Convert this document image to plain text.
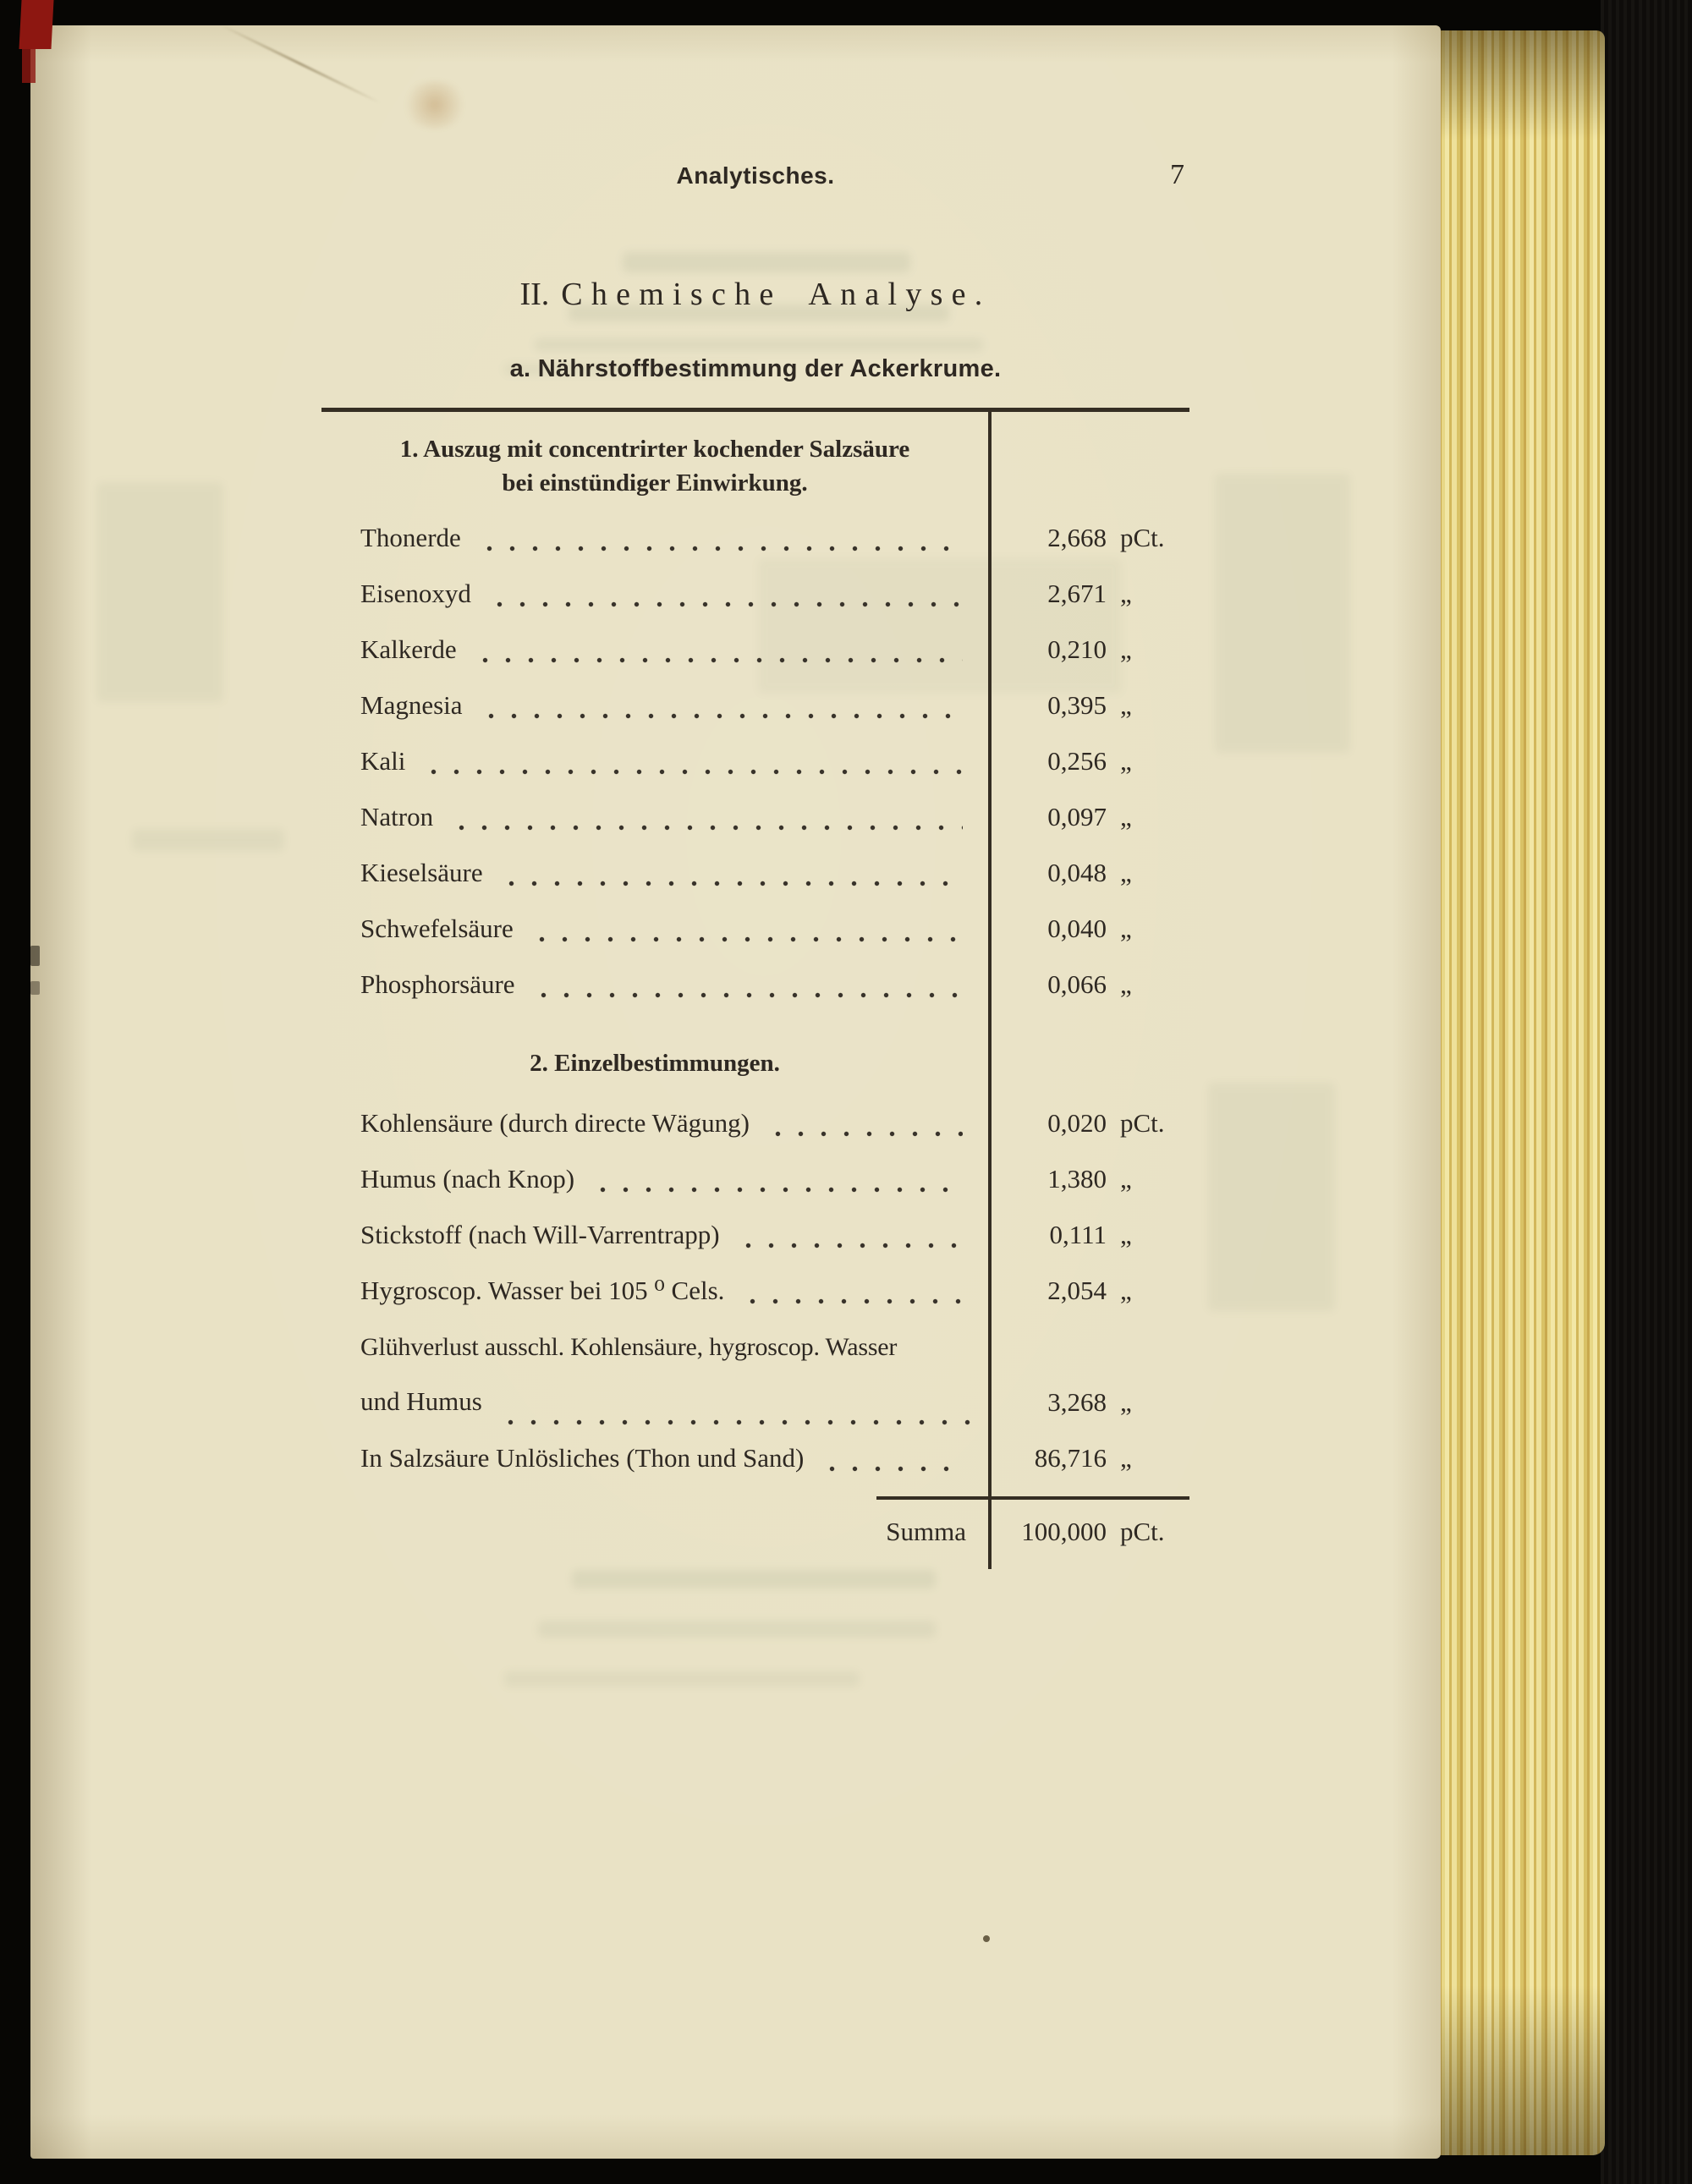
Analytisches.	7
II. Chemische Analyse.
a. Nährstoffbestimmung der Ackerkrume.
1. Auszug mit concentrirter kochender Salzsäure
bei einstündiger Einwirkung.
Thonerde	2,668 pCt.
Eisenoxyd	2,671 „
Kalkerde	0,210 „
Magnesia	0,395 „
Kali	0,256 „
Natron	0,097 „
Kieselsäure	0,048 „
Schwefelsäure	0,040 „
Phosphorsäure	0,066 „
2. Einzelbestimmungen.
Kohlensäure (durch directe Wägung)	0,020 pCt.
Humus (nach Knop)	1,380 „
Stickstoff (nach Will-Varrentrapp)	0,111 „
Hygroscop. Wasser bei 105 ⁰ Cels.	2,054 „
Glühverlust ausschl. Kohlensäure, hygroscop. Wasser
und Humus	3,268 „
In Salzsäure Unlösliches (Thon und Sand)	86,716 „
Summa	100,000 pCt.
